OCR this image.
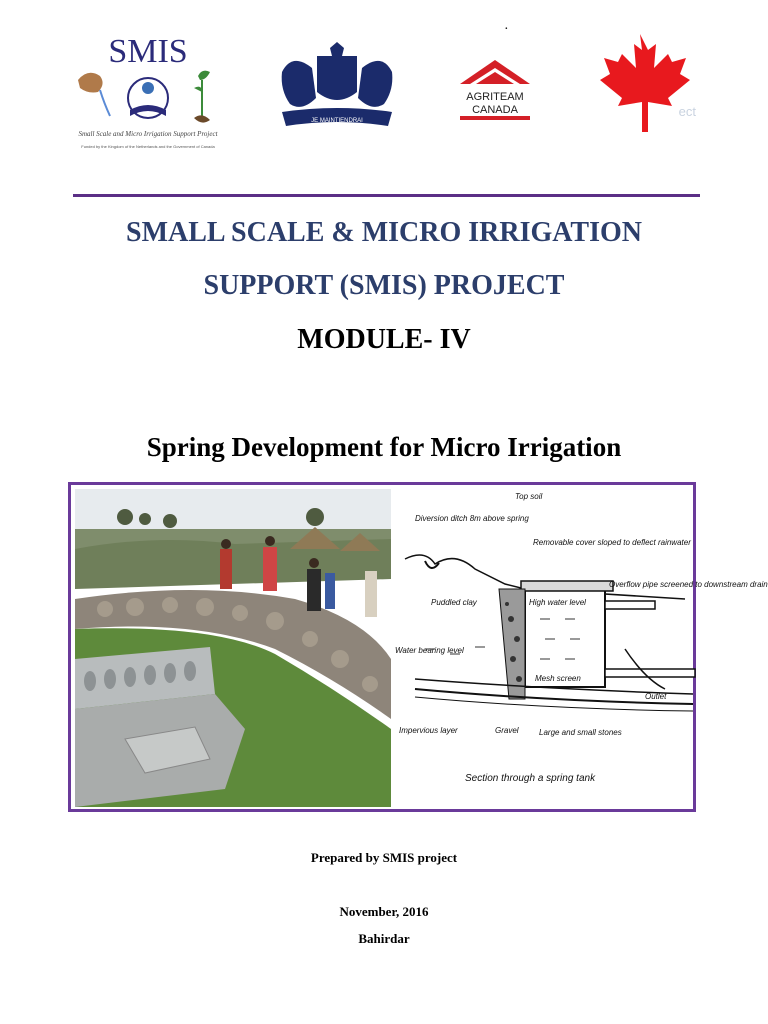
SMIS
Small Scale and Micro Irrigation Support Project
Funded by the Kingdom of the Netherlands and the Government of Canada
JE MAINTIENDRAI
·
AGRITEAM
CANADA	ect
SMALL SCALE & MICRO IRRIGATION
SUPPORT (SMIS) PROJECT
MODULE- IV
Spring Development for Micro Irrigation
Top soil
Diversion ditch 8m above spring
Removable cover sloped to deflect rainwater
Overflow pipe screened to downstream drain
Puddled clay	High water level
Water bearing level
Mesh screen
Outlet
Impervious layer	Gravel	Large and small stones
Section through a spring tank
Prepared by SMIS project
November, 2016
Bahirdar
